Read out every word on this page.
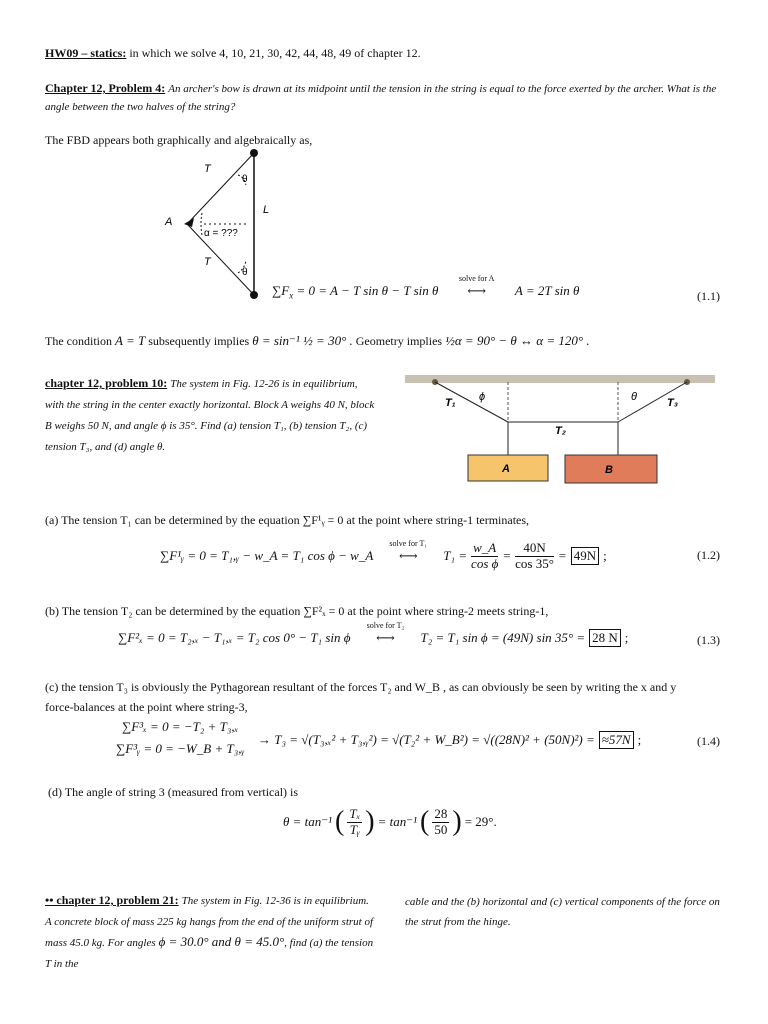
HW09 – statics: in which we solve 4, 10, 21, 30, 42, 44, 48, 49 of chapter 12.
Chapter 12, Problem 4: An archer's bow is drawn at its midpoint until the tension in the string is equal to the force exerted by the archer. What is the angle between the two halves of the string?
The FBD appears both graphically and algebraically as,
T
θ
L
A
α = ???
T
θ
$\sum F_x = 0 = A - T$ sin θ − T sin θ
solve for A
⟷ A = 2T sin θ	(1.1)
The condition A = T subsequently implies θ = sin⁻¹ ½ = 30° . Geometry implies ½α = 90° − θ ↔ α = 120° .
chapter 12, problem 10: The system in Fig. 12-26 is in equilibrium, with the string in the center exactly horizontal. Block A weighs 40 N, block B weighs 50 N, and angle ϕ is 35°. Find (a) tension T₁, (b) tension T₂, (c) tension T₃, and (d) angle θ.
T₁ ϕ
T₂
θ	T₃
A	B
(a) The tension T₁ can be determined by the equation ∑F¹ᵧ = 0 at the point where string-1 terminates,
∑F¹ᵧ = 0 = T₁,ᵧ − w_A = T₁ cos ϕ − w_A
solve for T₁
⟷	$T_1 = \frac{w\_A}{\text{cos ϕ}} = \frac{40N}{\cos 35^\circ} = 49N$ ;	(1.2)
(b) The tension T₂ can be determined by the equation ∑F²ₓ = 0 at the point where string-2 meets string-1,
∑F²ₓ = 0 = T₂,ₓ − T₁,ₓ = T₂ cos 0° − T₁ sin ϕ
solve for T₂
⟷	T₂ = T₁ sin ϕ = (49N) sin 35° = 28 N ;	(1.3)
(c) the tension T₃ is obviously the Pythagorean resultant of the forces T₂ and W_B , as can obviously be seen by writing the x and y
force-balances at the point where string-3,
∑F³ₓ = 0 = −T₂ + T₃,ₓ
∑F³ᵧ = 0 = −W_B + T₃,ᵧ
→ T₃ = √(T₃,ₓ² + T₃,ᵧ²) = √(T₂² + W_B²) = √((28N)² + (50N)²) = ≈57N ;	(1.4)
(d) The angle of string 3 (measured from vertical) is
θ = tan⁻¹ ( $\frac{\text{Tₓ}}{\text{Tᵧ}}$ ) = tan⁻¹ ( $\frac{28}{50}$ ) = 29°.
•• chapter 12, problem 21: The system in Fig. 12-36 is in equilibrium. A concrete block of mass 225 kg hangs from the end of the uniform strut of mass 45.0 kg. For angles ϕ = 30.0° and θ = 45.0°, find (a) the tension T in the
cable and the (b) horizontal and (c) vertical components of the force on the strut from the hinge.
